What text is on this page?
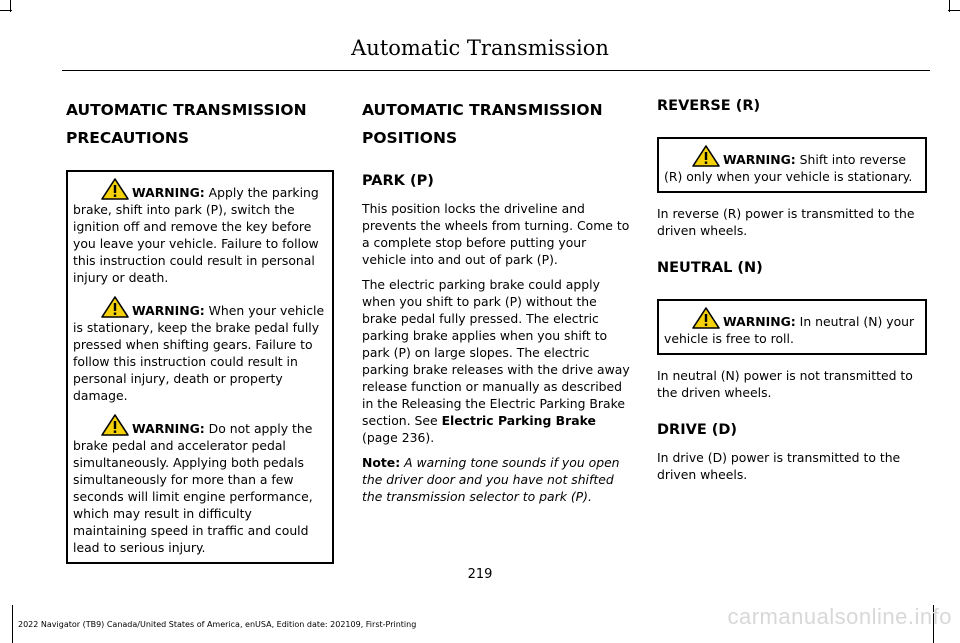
Automatic Transmission
AUTOMATIC TRANSMISSION
PRECAUTIONS

WARNING: Apply the parking brake, shift into park (P), switch the ignition off and remove the key before you leave your vehicle. Failure to follow this instruction could result in personal injury or death.

WARNING: When your vehicle is stationary, keep the brake pedal fully pressed when shifting gears. Failure to follow this instruction could result in personal injury, death or property damage.

WARNING: Do not apply the brake pedal and accelerator pedal simultaneously. Applying both pedals simultaneously for more than a few seconds will limit engine performance, which may result in difficulty maintaining speed in traffic and could lead to serious injury.

AUTOMATIC TRANSMISSION
POSITIONS
PARK (P)

This position locks the driveline and prevents the wheels from turning. Come to a complete stop before putting your vehicle into and out of park (P).

The electric parking brake could apply when you shift to park (P) without the brake pedal fully pressed. The electric parking brake applies when you shift to park (P) on large slopes. The electric parking brake releases with the drive away release function or manually as described in the Releasing the Electric Parking Brake section. See Electric Parking Brake (page 236).

Note: A warning tone sounds if you open the driver door and you have not shifted the transmission selector to park (P).

REVERSE (R)

WARNING: Shift into reverse (R) only when your vehicle is stationary.

In reverse (R) power is transmitted to the driven wheels.

NEUTRAL (N)

WARNING: In neutral (N) your vehicle is free to roll.

In neutral (N) power is not transmitted to the driven wheels.

DRIVE (D)

In drive (D) power is transmitted to the driven wheels.

219
2022 Navigator (TB9) Canada/United States of America, enUSA, Edition date: 202109, First-Printing	carmanualsonline.info
